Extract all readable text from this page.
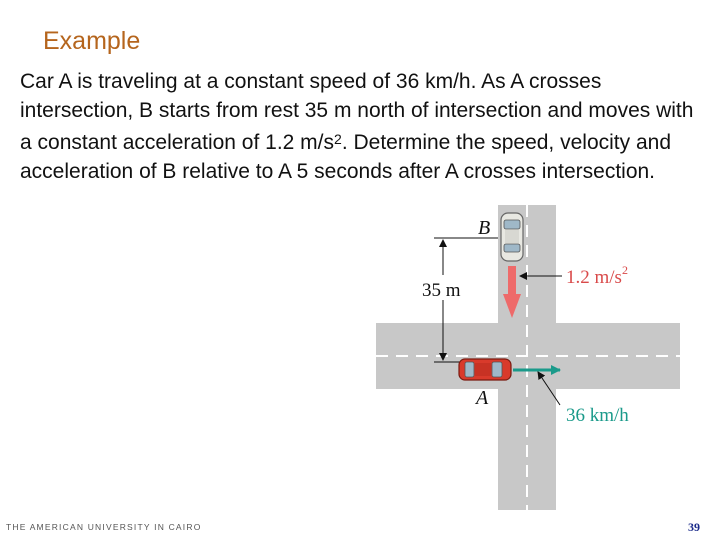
Example
Car A is traveling at a constant speed of 36 km/h. As A crosses intersection, B starts from rest 35 m north of intersection and moves with a constant acceleration of 1.2 $m/s^2$. Determine the speed, velocity and acceleration of B relative to A 5 seconds after A crosses intersection.
35 m
B
1.2 $m/s^2$
A
36 km/h
THE AMERICAN UNIVERSITY IN CAIRO	39
